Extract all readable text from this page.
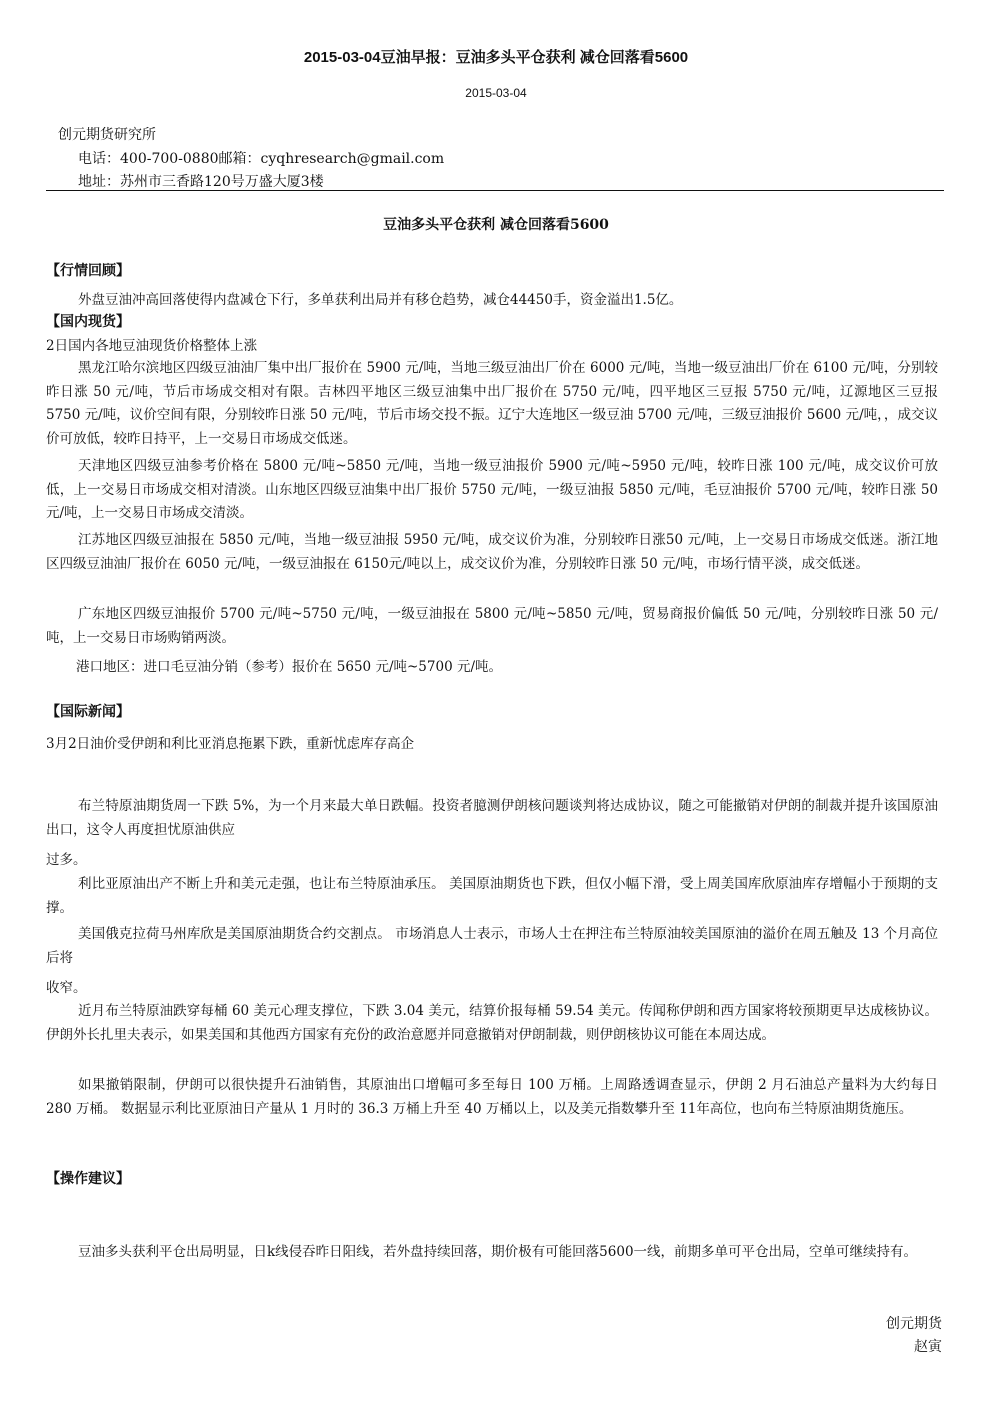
2015-03-04豆油早报：豆油多头平仓获利 减仓回落看5600
2015-03-04
创元期货研究所
电话：400-700-0880邮箱：cyqhresearch@gmail.com
地址：苏州市三香路120号万盛大厦3楼
豆油多头平仓获利 减仓回落看5600
【行情回顾】
外盘豆油冲高回落使得内盘减仓下行，多单获利出局并有移仓趋势，减仓44450手，资金溢出1.5亿。
【国内现货】
2日国内各地豆油现货价格整体上涨
黑龙江哈尔滨地区四级豆油油厂集中出厂报价在 5900 元/吨，当地三级豆油出厂价在 6000 元/吨，当地一级豆油出厂价在 6100 元/吨，分别较昨日涨 50 元/吨，节后市场成交相对有限。吉林四平地区三级豆油集中出厂报价在 5750 元/吨，四平地区三豆报 5750 元/吨，辽源地区三豆报 5750 元/吨，议价空间有限，分别较昨日涨 50 元/吨，节后市场交投不振。辽宁大连地区一级豆油 5700 元/吨，三级豆油报价 5600 元/吨，，成交议价可放低，较昨日持平，上一交易日市场成交低迷。
天津地区四级豆油参考价格在 5800 元/吨~5850 元/吨，当地一级豆油报价 5900 元/吨~5950 元/吨，较昨日涨 100 元/吨，成交议价可放低，上一交易日市场成交相对清淡。山东地区四级豆油集中出厂报价 5750 元/吨，一级豆油报 5850 元/吨，毛豆油报价 5700 元/吨，较昨日涨 50 元/吨，上一交易日市场成交清淡。
江苏地区四级豆油报在 5850 元/吨，当地一级豆油报 5950 元/吨，成交议价为准，分别较昨日涨50 元/吨，上一交易日市场成交低迷。浙江地区四级豆油油厂报价在 6050 元/吨，一级豆油报在 6150元/吨以上，成交议价为准，分别较昨日涨 50 元/吨，市场行情平淡，成交低迷。
广东地区四级豆油报价 5700 元/吨~5750 元/吨，一级豆油报在 5800 元/吨~5850 元/吨，贸易商报价偏低 50 元/吨，分别较昨日涨 50 元/吨，上一交易日市场购销两淡。
港口地区：进口毛豆油分销（参考）报价在 5650 元/吨~5700 元/吨。
【国际新闻】
3月2日油价受伊朗和利比亚消息拖累下跌，重新忧虑库存高企
布兰特原油期货周一下跌 5%，为一个月来最大单日跌幅。投资者臆测伊朗核问题谈判将达成协议，随之可能撤销对伊朗的制裁并提升该国原油出口，这令人再度担忧原油供应
过多。
利比亚原油出产不断上升和美元走强，也让布兰特原油承压。 美国原油期货也下跌，但仅小幅下滑，受上周美国库欣原油库存增幅小于预期的支撑。
美国俄克拉荷马州库欣是美国原油期货合约交割点。 市场消息人士表示，市场人士在押注布兰特原油较美国原油的溢价在周五触及 13 个月高位后将
收窄。
近月布兰特原油跌穿每桶 60 美元心理支撑位，下跌 3.04 美元，结算价报每桶 59.54 美元。传闻称伊朗和西方国家将较预期更早达成核协议。 伊朗外长扎里夫表示，如果美国和其他西方国家有充份的政治意愿并同意撤销对伊朗制裁，则伊朗核协议可能在本周达成。
如果撤销限制，伊朗可以很快提升石油销售，其原油出口增幅可多至每日 100 万桶。上周路透调查显示，伊朗 2 月石油总产量料为大约每日 280 万桶。 数据显示利比亚原油日产量从 1 月时的 36.3 万桶上升至 40 万桶以上，以及美元指数攀升至 11年高位，也向布兰特原油期货施压。
【操作建议】
豆油多头获利平仓出局明显，日k线侵吞昨日阳线，若外盘持续回落，期价极有可能回落5600一线，前期多单可平仓出局，空单可继续持有。
创元期货
赵寅
